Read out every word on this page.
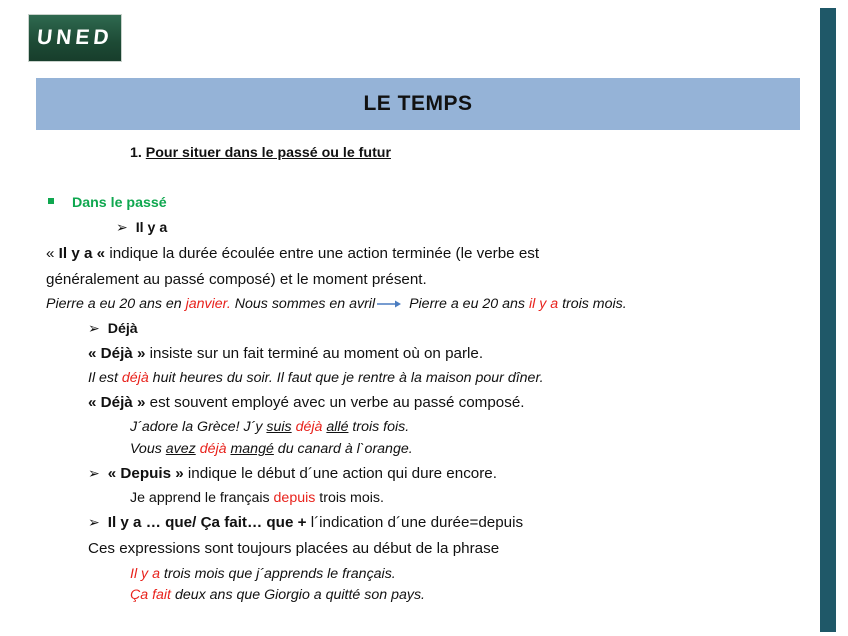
UNED
LE TEMPS
1. Pour situer dans le passé ou le futur
Dans le passé
➢ Il y a
« Il y a « indique la durée écoulée entre une action terminée (le verbe est
généralement au passé composé) et le moment présent.
Pierre a eu 20 ans en janvier. Nous sommes en avril
Pierre a eu 20 ans il y a trois mois.
➢ Déjà
« Déjà » insiste sur un fait terminé au moment où on parle.
Il est déjà huit heures du soir. Il faut que je rentre à la maison pour dîner.
« Déjà » est souvent employé avec un verbe au passé composé.
J´adore la Grèce! J´y suis déjà allé trois fois.
Vous avez déjà mangé du canard à l`orange.
➢ « Depuis » indique le début d´une action qui dure encore.
Je apprend le français depuis trois mois.
➢ Il y a … que/ Ça fait… que + l´indication d´une durée=depuis
Ces expressions sont toujours placées au début de la phrase
Il y a trois mois que j´apprends le français.
Ça fait deux ans que Giorgio a quitté son pays.
